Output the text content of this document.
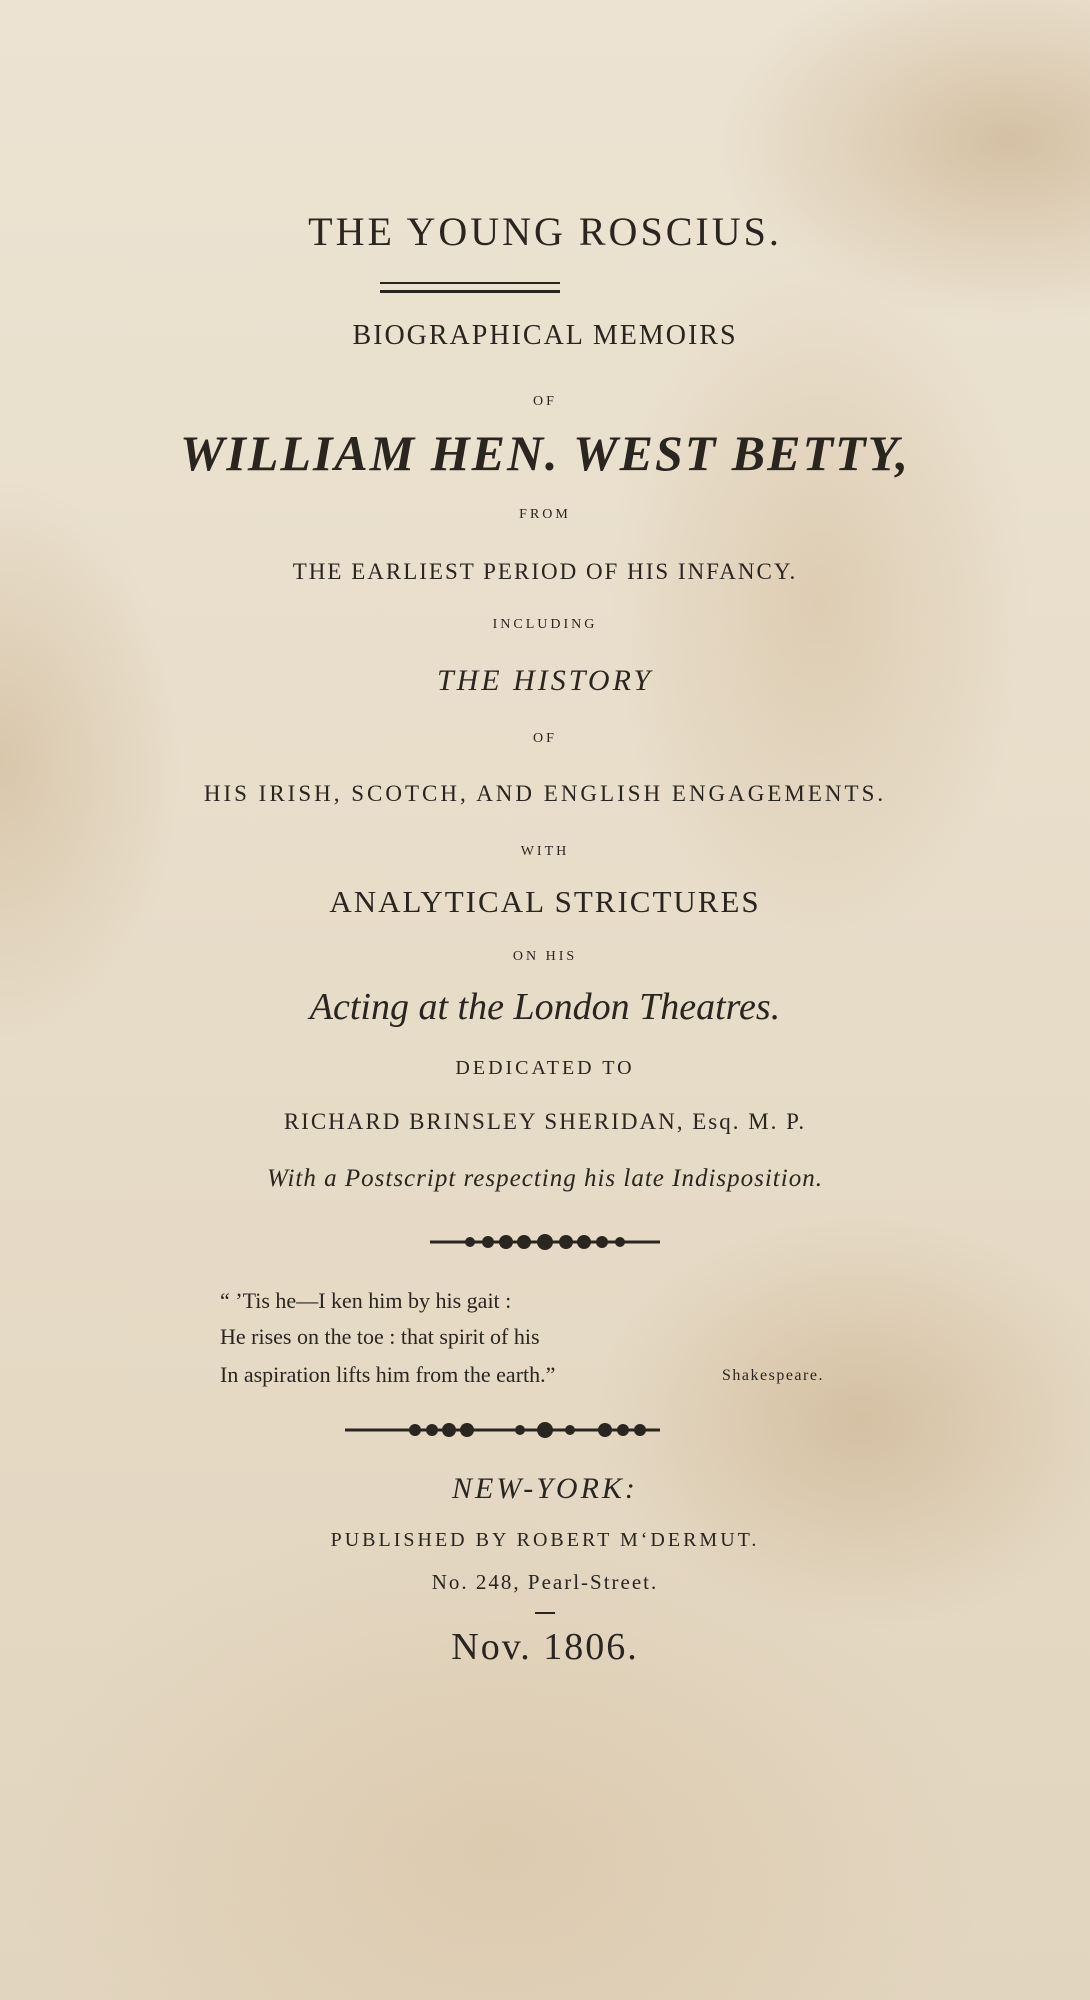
THE YOUNG ROSCIUS.
BIOGRAPHICAL MEMOIRS
OF
WILLIAM HEN. WEST BETTY,
FROM
THE EARLIEST PERIOD OF HIS INFANCY.
INCLUDING
THE HISTORY
OF
HIS IRISH, SCOTCH, AND ENGLISH ENGAGEMENTS.
WITH
ANALYTICAL STRICTURES
ON HIS
Acting at the London Theatres.
DEDICATED TO
RICHARD BRINSLEY SHERIDAN, Esq. M. P.
With a Postscript respecting his late Indisposition.
“ ’Tis he—I ken him by his gait :
He rises on the toe : that spirit of his
In aspiration lifts him from the earth.”	Shakespeare.
NEW-YORK:
PUBLISHED BY ROBERT M‘DERMUT.
No. 248, Pearl-Street.
Nov. 1806.
